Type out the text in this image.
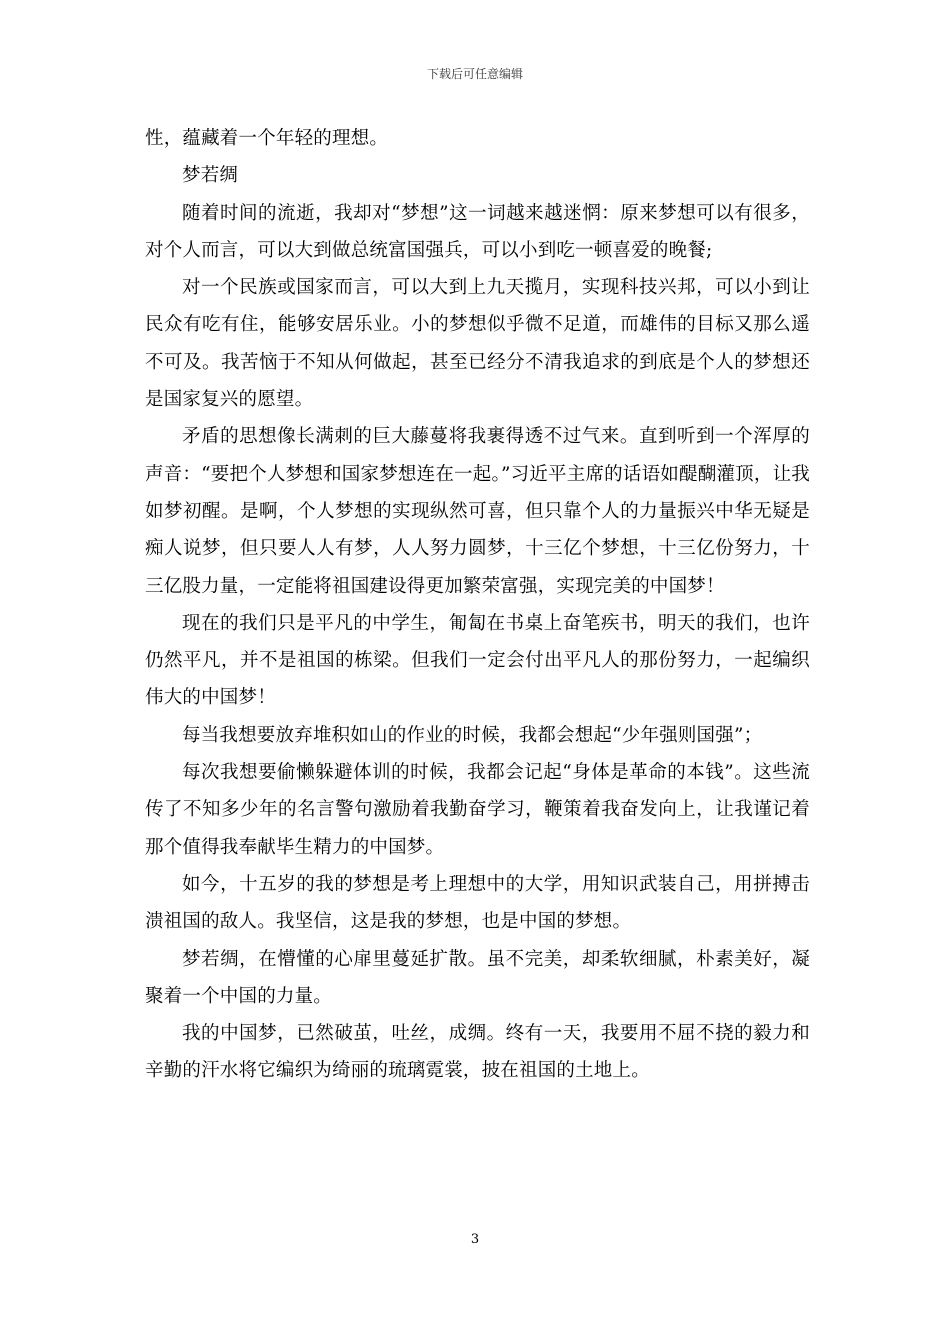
下载后可任意编辑

性，蕴藏着一个年轻的理想。

梦若绸

随着时间的流逝，我却对“梦想”这一词越来越迷惘：原来梦想可以有很多，对个人而言，可以大到做总统富国强兵，可以小到吃一顿喜爱的晚餐;

对一个民族或国家而言，可以大到上九天揽月，实现科技兴邦，可以小到让民众有吃有住，能够安居乐业。小的梦想似乎微不足道，而雄伟的目标又那么遥不可及。我苦恼于不知从何做起，甚至已经分不清我追求的到底是个人的梦想还是国家复兴的愿望。

矛盾的思想像长满刺的巨大藤蔓将我裹得透不过气来。直到听到一个浑厚的声音：“要把个人梦想和国家梦想连在一起。”习近平主席的话语如醍醐灌顶，让我如梦初醒。是啊，个人梦想的实现纵然可喜，但只靠个人的力量振兴中华无疑是痴人说梦，但只要人人有梦，人人努力圆梦，十三亿个梦想，十三亿份努力，十三亿股力量，一定能将祖国建设得更加繁荣富强，实现完美的中国梦！

现在的我们只是平凡的中学生，匍匐在书桌上奋笔疾书，明天的我们，也许仍然平凡，并不是祖国的栋梁。但我们一定会付出平凡人的那份努力，一起编织伟大的中国梦！

每当我想要放弃堆积如山的作业的时候，我都会想起“少年强则国强”；

每次我想要偷懒躲避体训的时候，我都会记起“身体是革命的本钱”。这些流传了不知多少年的名言警句激励着我勤奋学习，鞭策着我奋发向上，让我谨记着那个值得我奉献毕生精力的中国梦。

如今，十五岁的我的梦想是考上理想中的大学，用知识武装自己，用拼搏击溃祖国的敌人。我坚信，这是我的梦想，也是中国的梦想。

梦若绸，在懵懂的心扉里蔓延扩散。虽不完美，却柔软细腻，朴素美好，凝聚着一个中国的力量。

我的中国梦，已然破茧，吐丝，成绸。终有一天，我要用不屈不挠的毅力和辛勤的汗水将它编织为绮丽的琉璃霓裳，披在祖国的土地上。

3
